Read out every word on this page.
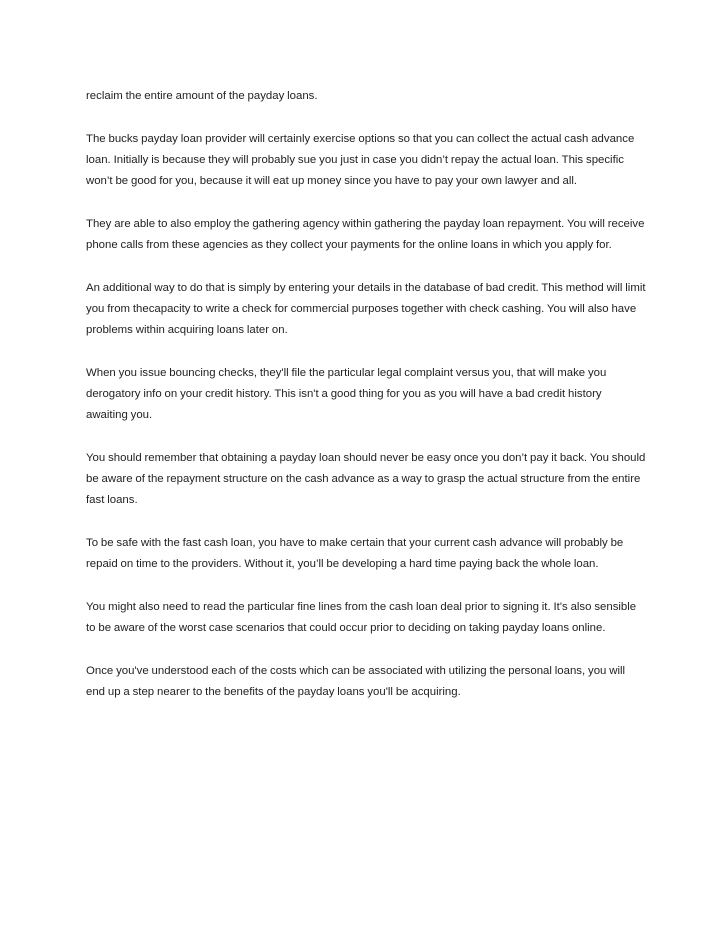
reclaim the entire amount of the payday loans.

The bucks payday loan provider will certainly exercise options so that you can collect the actual cash advance loan. Initially is because they will probably sue you just in case you didn’t repay the actual loan. This specific won’t be good for you, because it will eat up money since you have to pay your own lawyer and all.

They are able to also employ the gathering agency within gathering the payday loan repayment. You will receive phone calls from these agencies as they collect your payments for the online loans in which you apply for.

An additional way to do that is simply by entering your details in the database of bad credit. This method will limit you from thecapacity to write a check for commercial purposes together with check cashing. You will also have problems within acquiring loans later on.

When you issue bouncing checks, they'll file the particular legal complaint versus you, that will make you derogatory info on your credit history. This isn't a good thing for you as you will have a bad credit history awaiting you.

You should remember that obtaining a payday loan should never be easy once you don’t pay it back. You should be aware of the repayment structure on the cash advance as a way to grasp the actual structure from the entire fast loans.

To be safe with the fast cash loan, you have to make certain that your current cash advance will probably be repaid on time to the providers. Without it, you’ll be developing a hard time paying back the whole loan.

You might also need to read the particular fine lines from the cash loan deal prior to signing it. It's also sensible to be aware of the worst case scenarios that could occur prior to deciding on taking payday loans online.

Once you've understood each of the costs which can be associated with utilizing the personal loans, you will end up a step nearer to the benefits of the payday loans you'll be acquiring.
